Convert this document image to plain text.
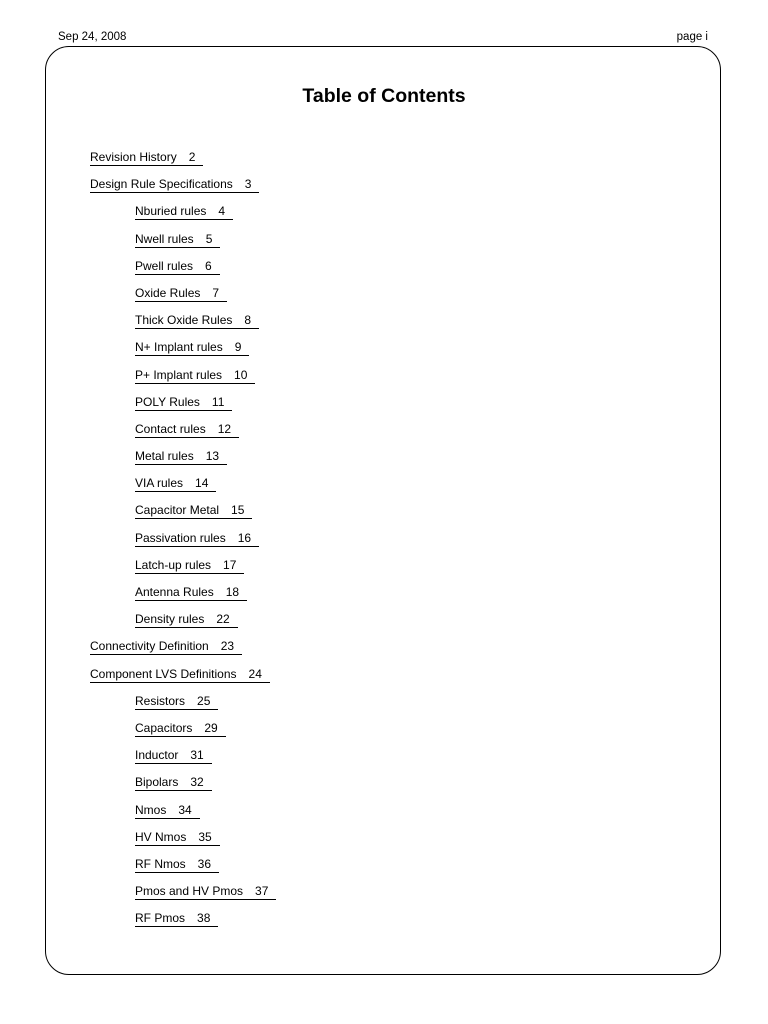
Sep 24, 2008	page i
Table of Contents
Revision History 2
Design Rule Specifications 3
Nburied rules 4
Nwell rules 5
Pwell rules 6
Oxide Rules 7
Thick Oxide Rules 8
N+ Implant rules 9
P+ Implant rules 10
POLY Rules 11
Contact rules 12
Metal rules 13
VIA rules 14
Capacitor Metal 15
Passivation rules 16
Latch-up rules 17
Antenna Rules 18
Density rules 22
Connectivity Definition 23
Component LVS Definitions 24
Resistors 25
Capacitors 29
Inductor 31
Bipolars 32
Nmos 34
HV Nmos 35
RF Nmos 36
Pmos and HV Pmos 37
RF Pmos 38
